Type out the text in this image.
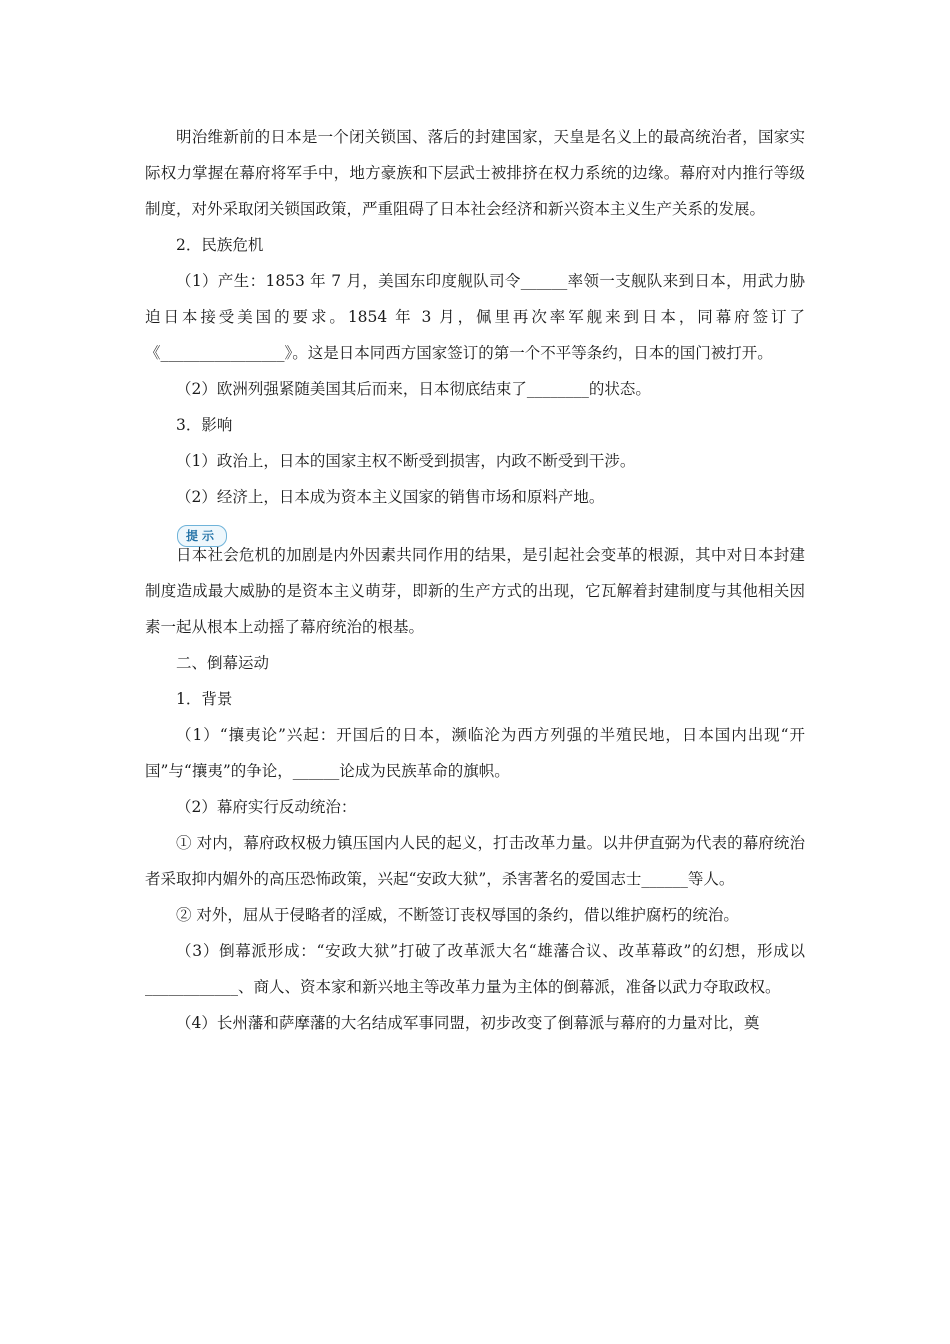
明治维新前的日本是一个闭关锁国、落后的封建国家，天皇是名义上的最高统治者，国家实际权力掌握在幕府将军手中，地方豪族和下层武士被排挤在权力系统的边缘。幕府对内推行等级制度，对外采取闭关锁国政策，严重阻碍了日本社会经济和新兴资本主义生产关系的发展。

2．民族危机

（1）产生：1853 年 7 月，美国东印度舰队司令______率领一支舰队来到日本，用武力胁迫日本接受美国的要求。1854 年 3 月，佩里再次率军舰来到日本，同幕府签订了《________________》。这是日本同西方国家签订的第一个不平等条约，日本的国门被打开。

（2）欧洲列强紧随美国其后而来，日本彻底结束了________的状态。

3．影响

（1）政治上，日本的国家主权不断受到损害，内政不断受到干涉。

（2）经济上，日本成为资本主义国家的销售市场和原料产地。

提示

日本社会危机的加剧是内外因素共同作用的结果，是引起社会变革的根源，其中对日本封建制度造成最大威胁的是资本主义萌芽，即新的生产方式的出现，它瓦解着封建制度与其他相关因素一起从根本上动摇了幕府统治的根基。

二、倒幕运动

1．背景

（1）“攘夷论”兴起：开国后的日本，濒临沦为西方列强的半殖民地，日本国内出现“开国”与“攘夷”的争论，______论成为民族革命的旗帜。

（2）幕府实行反动统治：

① 对内，幕府政权极力镇压国内人民的起义，打击改革力量。以井伊直弼为代表的幕府统治者采取抑内媚外的高压恐怖政策，兴起“安政大狱”，杀害著名的爱国志士______等人。

② 对外，屈从于侵略者的淫威，不断签订丧权辱国的条约，借以维护腐朽的统治。

（3）倒幕派形成：“安政大狱”打破了改革派大名“雄藩合议、改革幕政”的幻想，形成以____________、商人、资本家和新兴地主等改革力量为主体的倒幕派，准备以武力夺取政权。

（4）长州藩和萨摩藩的大名结成军事同盟，初步改变了倒幕派与幕府的力量对比，奠
